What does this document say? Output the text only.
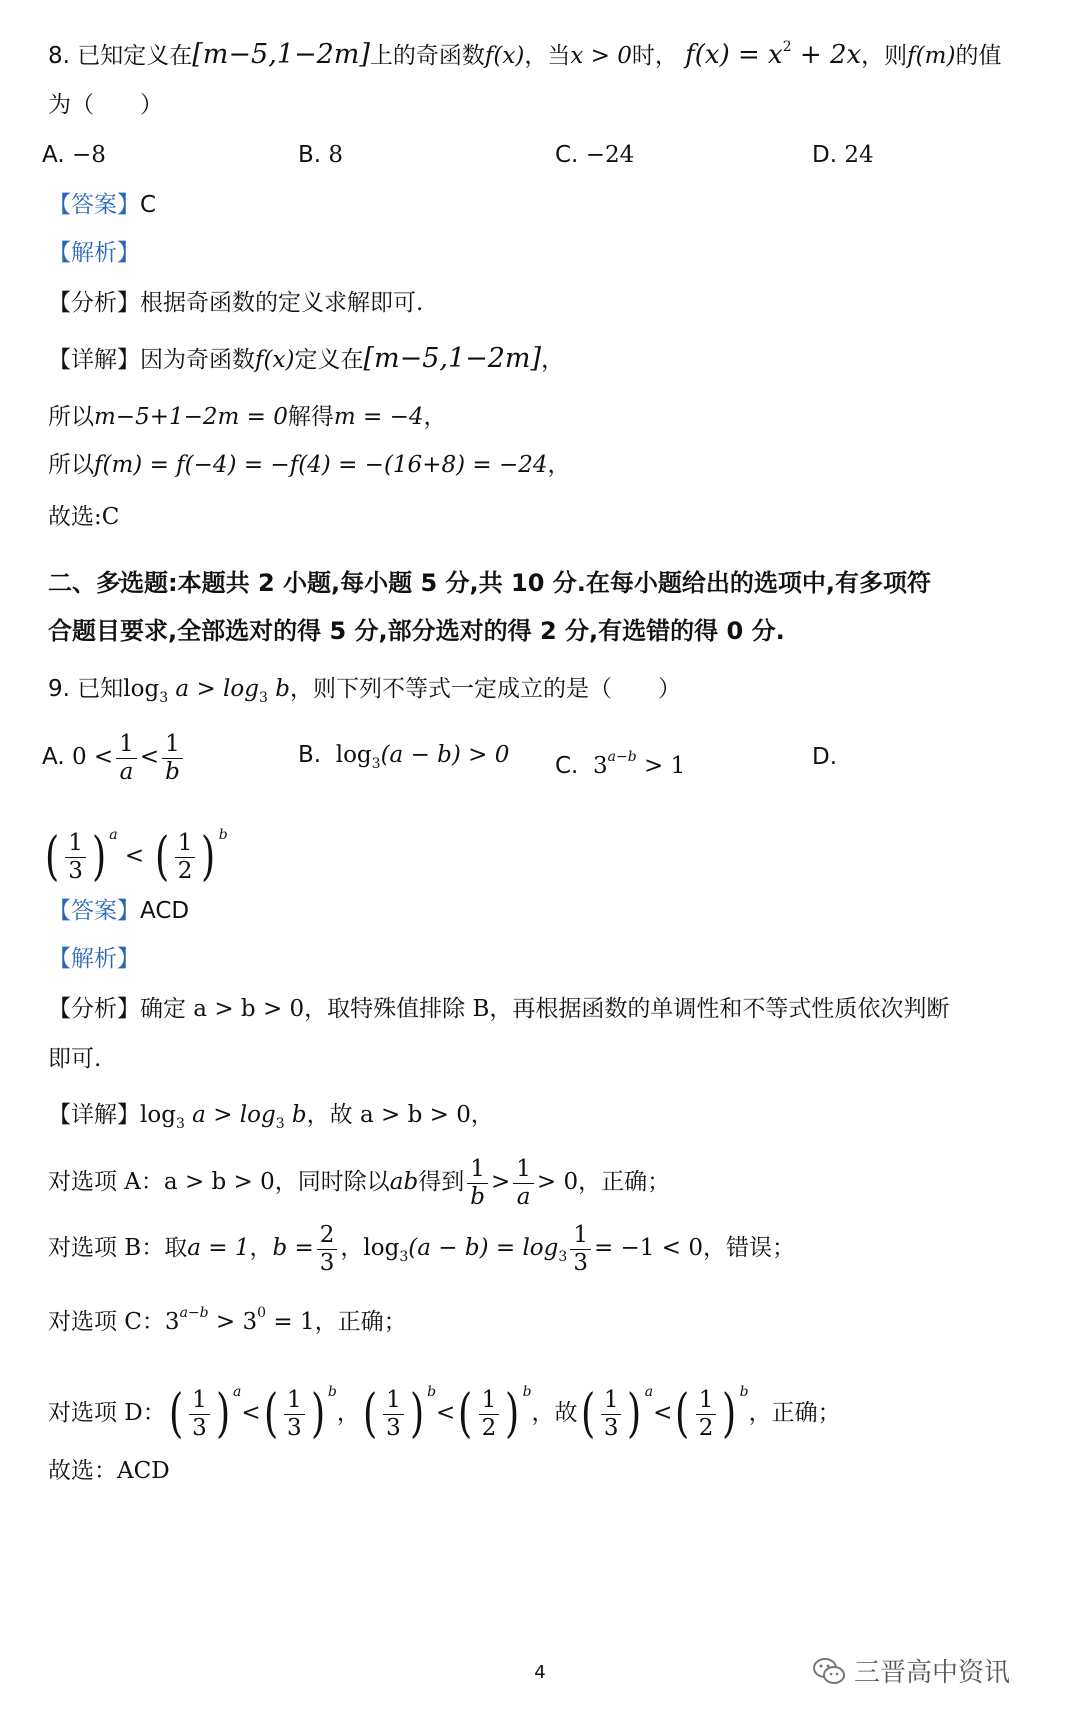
8. 已知定义在[m−5,1−2m]上的奇函数f(x)，当x > 0时， $f(x) = x^2 + 2x$，则f(m)的值
为（　　）
A. −8	B. 8	C. −24	D. 24
【答案】C
【解析】
【分析】根据奇函数的定义求解即可.
【详解】因为奇函数f(x)定义在[m−5,1−2m]，
所以m−5+1−2m = 0解得m = −4，
所以f(m) = f(−4) = −f(4) = −(16+8) = −24，
故选:C
二、多选题:本题共 2 小题,每小题 5 分,共 10 分.在每小题给出的选项中,有多项符
合题目要求,全部选对的得 5 分,部分选对的得 2 分,有选错的得 0 分.
9. 已知$\log_3 a > \log_3 b$，则下列不等式一定成立的是（　　）
A. $0 < \frac{1}{a} < \frac{1}{b}$	B. $\log_3(a - b) > 0$ C. $3^{a-b} > 1$	D.
( $\frac{1}{3}$ ) $^a$ < ( $\frac{1}{2}$ ) $^b$
【答案】ACD
【解析】
【分析】确定 a > b > 0，取特殊值排除 B，再根据函数的单调性和不等式性质依次判断
即可.
【详解】$\log_3 a > \log_3 b$，故 a > b > 0，
对选项 A：a > b > 0，同时除以ab得到 $\frac{1}{b} > \frac{1}{a} > 0$，正确；
对选项 B：取a = 1，$b = \frac{2}{3}$ ，$\log_3(a - b) = \log_3 \frac{1}{3} = -1 < 0$，错误；
对选项 C：$3^{a-b} > 3^0 = 1$，正确；
对选项 D：( $\frac{1}{3}$ ) $^a<( \frac{1}{3}$ ) $^b$，( $\frac{1}{3}$ ) $^b<( \frac{1}{2}$ ) $^b$，故( $\frac{1}{3}$ ) $^a<( \frac{1}{2}$ ) $^b$，正确；
故选：ACD
4	三晋高中资讯
